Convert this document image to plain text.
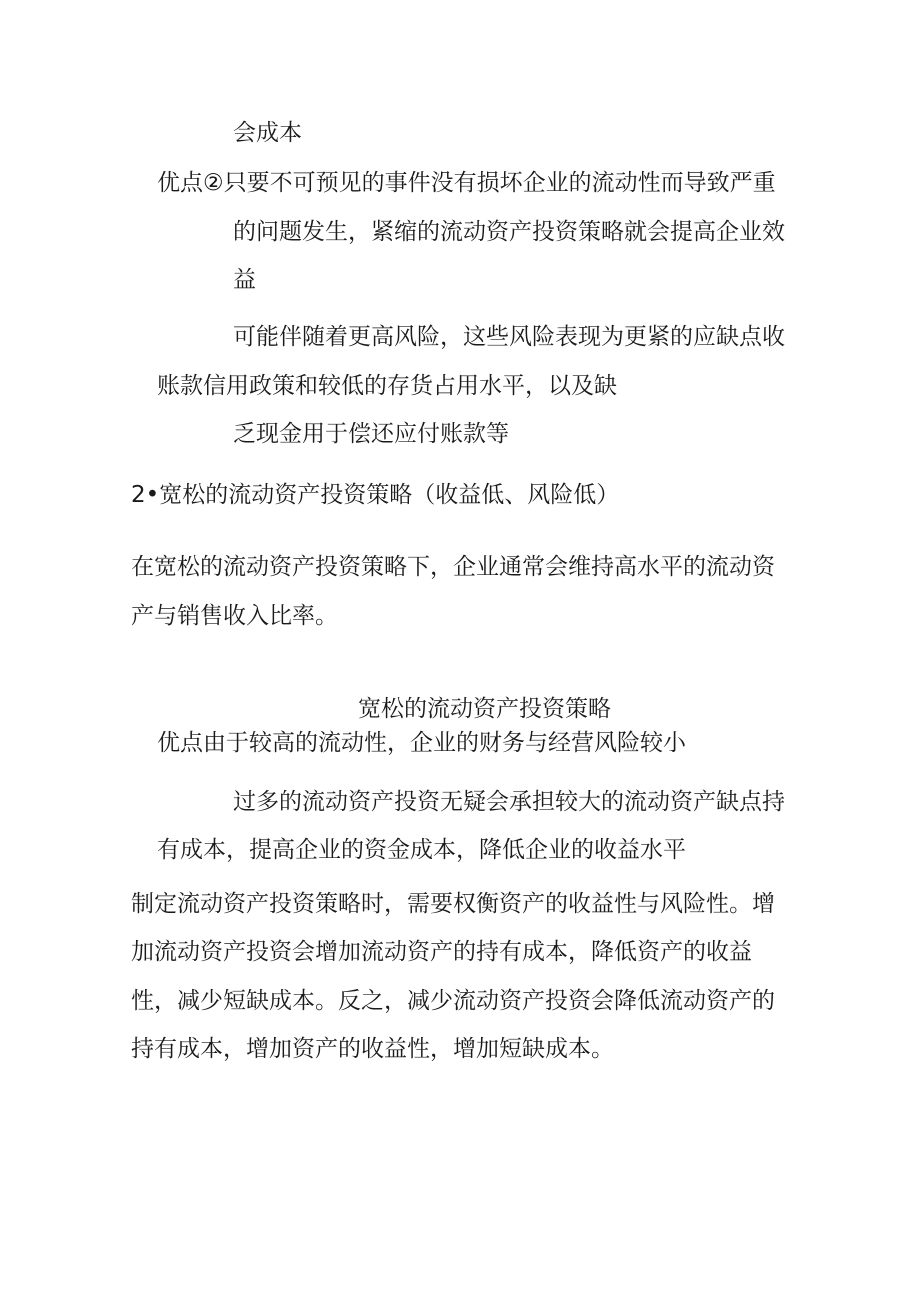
会成本

优点②只要不可预见的事件没有损坏企业的流动性而导致严重

的问题发生，紧缩的流动资产投资策略就会提高企业效

益

可能伴随着更高风险，这些风险表现为更紧的应缺点收

账款信用政策和较低的存货占用水平，以及缺

乏现金用于偿还应付账款等

2•宽松的流动资产投资策略（收益低、风险低）

在宽松的流动资产投资策略下，企业通常会维持高水平的流动资

产与销售收入比率。

宽松的流动资产投资策略

优点由于较高的流动性，企业的财务与经营风险较小

过多的流动资产投资无疑会承担较大的流动资产缺点持

有成本，提高企业的资金成本，降低企业的收益水平

制定流动资产投资策略时，需要权衡资产的收益性与风险性。增

加流动资产投资会增加流动资产的持有成本，降低资产的收益

性，减少短缺成本。反之，减少流动资产投资会降低流动资产的

持有成本，增加资产的收益性，增加短缺成本。
